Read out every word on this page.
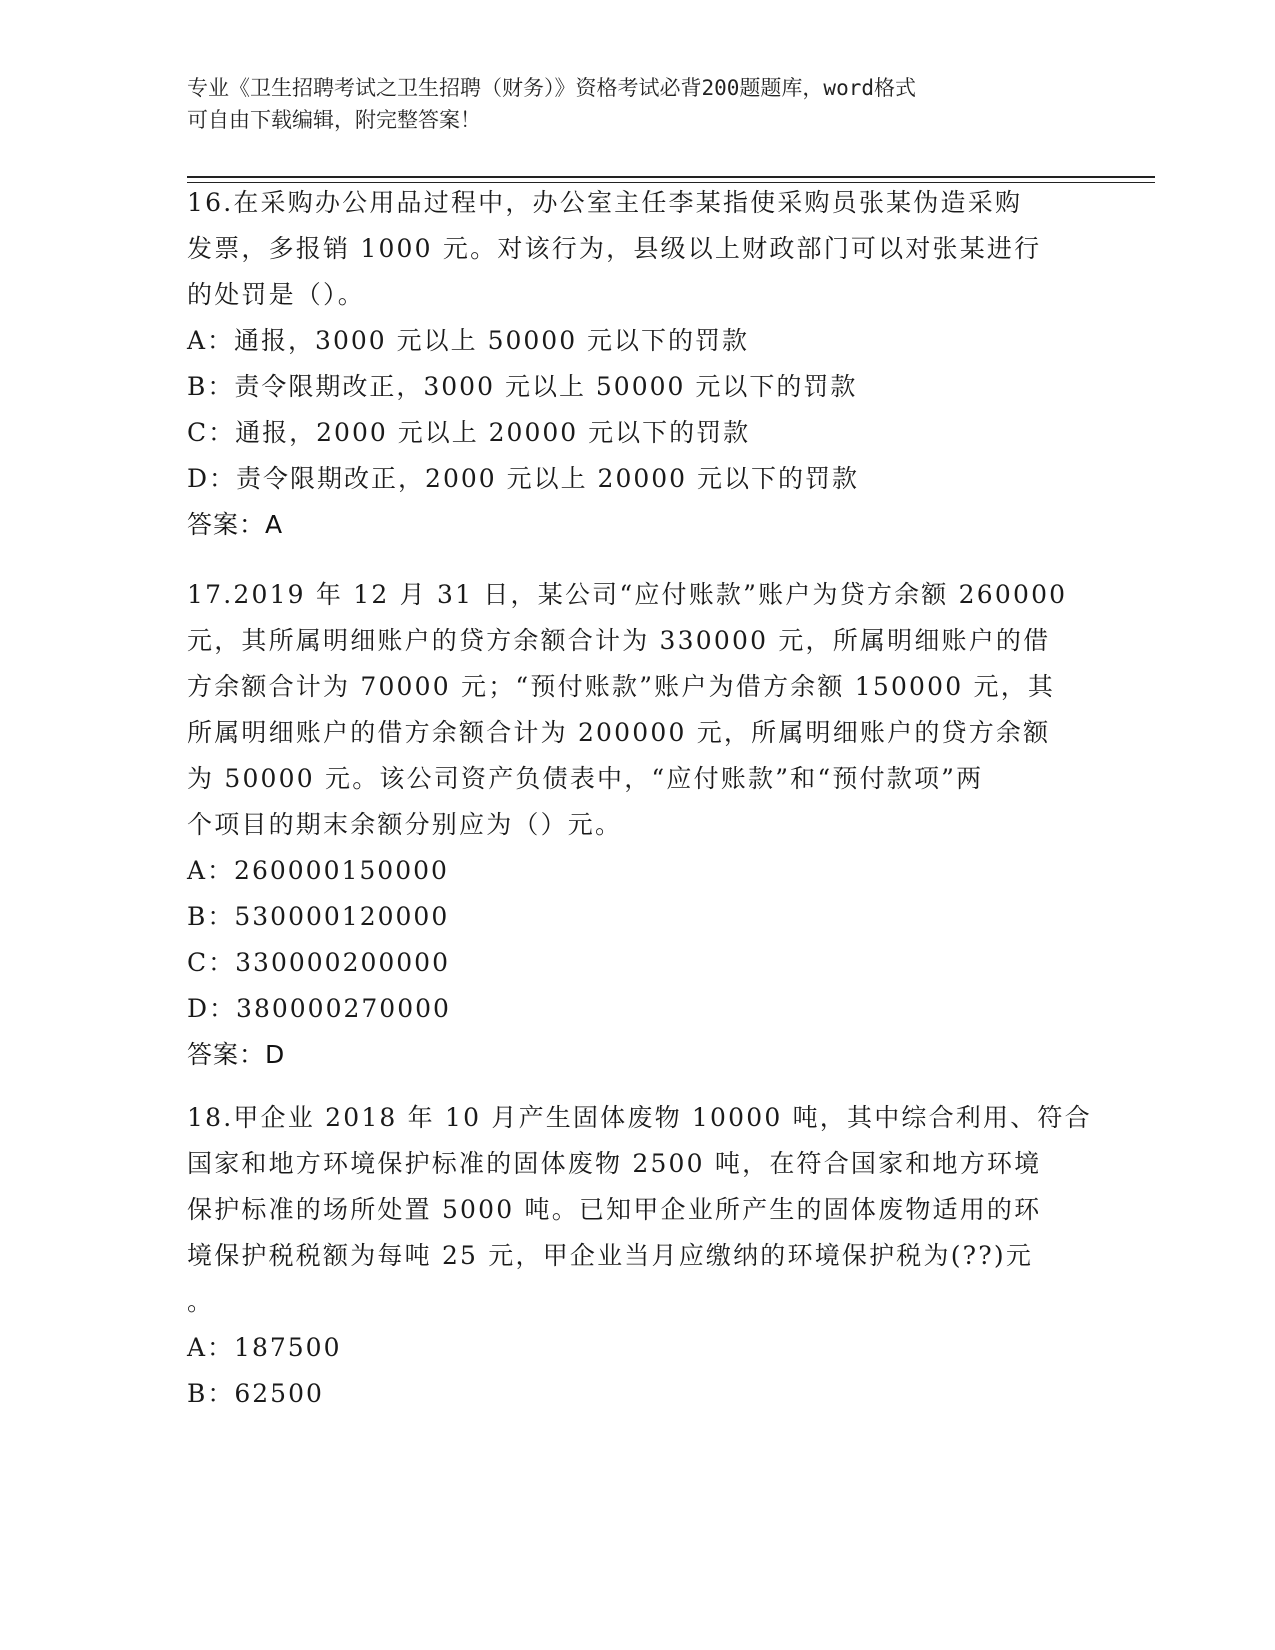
专业《卫生招聘考试之卫生招聘（财务）》资格考试必背200题题库，word格式
可自由下载编辑，附完整答案！
16.在采购办公用品过程中，办公室主任李某指使采购员张某伪造采购
发票，多报销 1000 元。对该行为，县级以上财政部门可以对张某进行
的处罚是（）。
A：通报，3000 元以上 50000 元以下的罚款
B：责令限期改正，3000 元以上 50000 元以下的罚款
C：通报，2000 元以上 20000 元以下的罚款
D：责令限期改正，2000 元以上 20000 元以下的罚款
答案：A
17.2019 年 12 月 31 日，某公司“应付账款”账户为贷方余额 260000
元，其所属明细账户的贷方余额合计为 330000 元，所属明细账户的借
方余额合计为 70000 元；“预付账款”账户为借方余额 150000 元，其
所属明细账户的借方余额合计为 200000 元，所属明细账户的贷方余额
为 50000 元。该公司资产负债表中，“应付账款”和“预付款项”两
个项目的期末余额分别应为（）元。
A：260000150000
B：530000120000
C：330000200000
D：380000270000
答案：D
18.甲企业 2018 年 10 月产生固体废物 10000 吨，其中综合利用、符合
国家和地方环境保护标准的固体废物 2500 吨，在符合国家和地方环境
保护标准的场所处置 5000 吨。已知甲企业所产生的固体废物适用的环
境保护税税额为每吨 25 元，甲企业当月应缴纳的环境保护税为(??)元
。
A：187500
B：62500
